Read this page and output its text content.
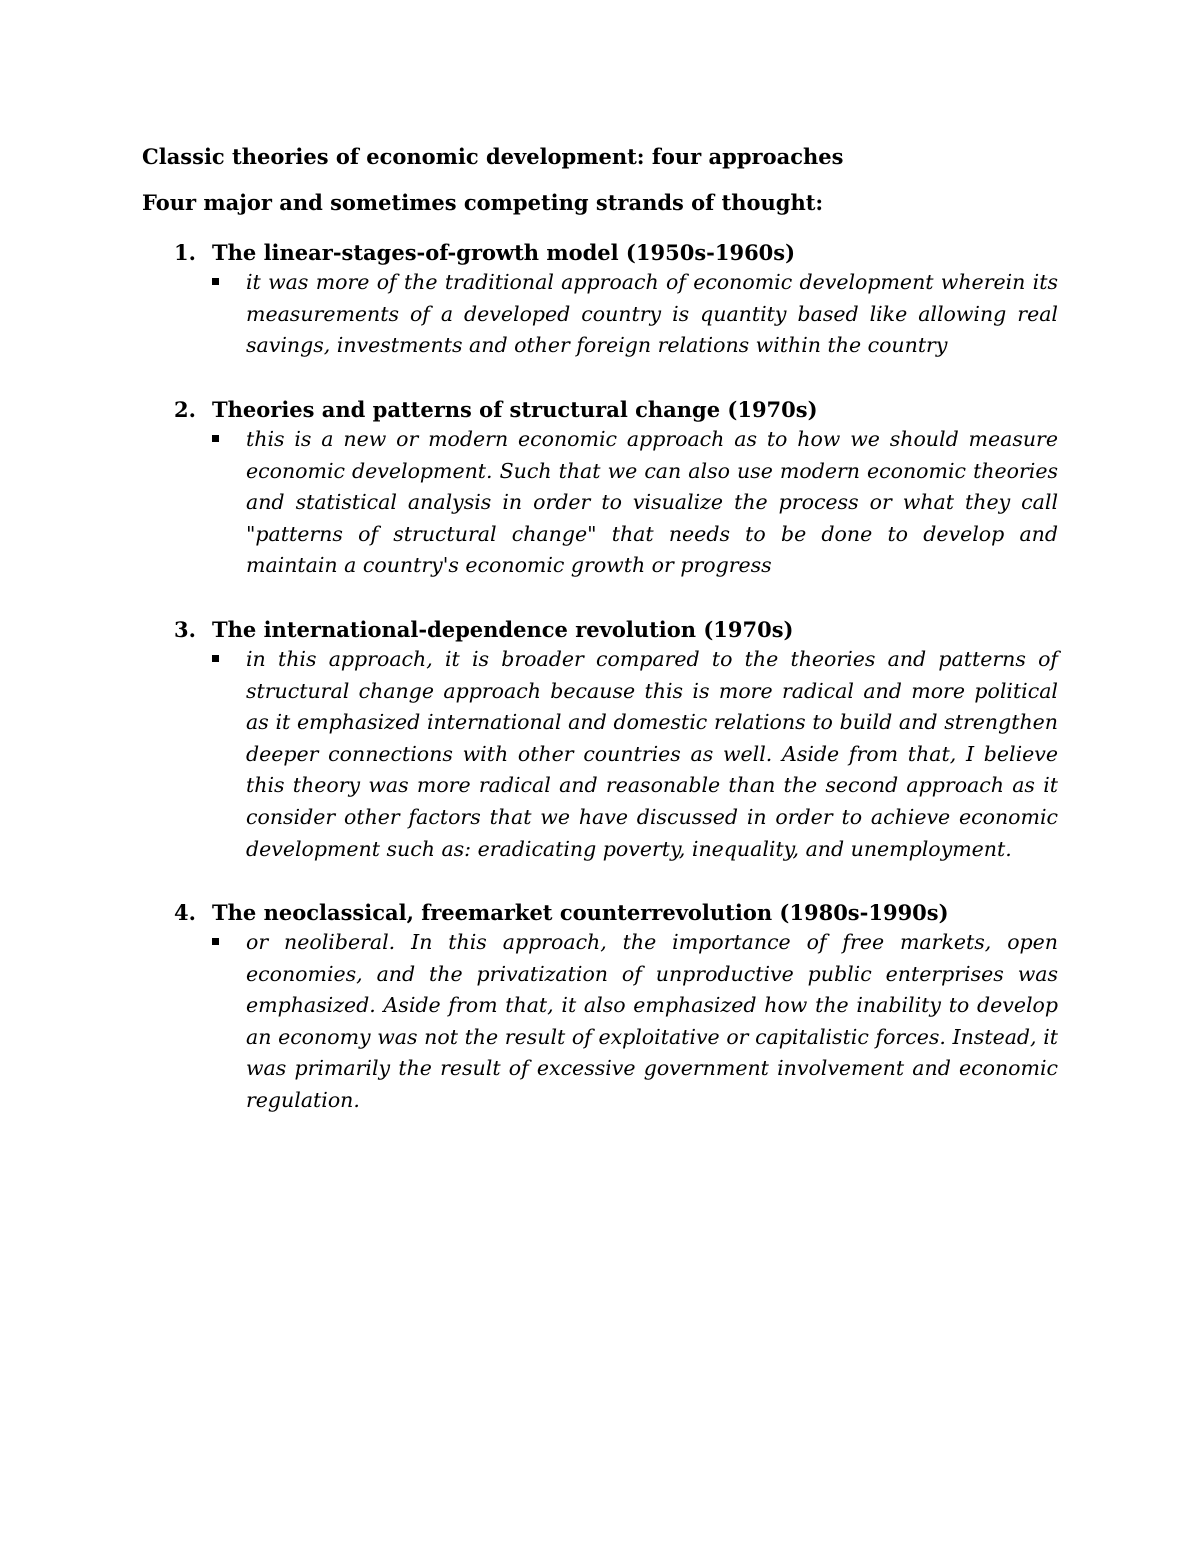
Classic theories of economic development: four approaches
Four major and sometimes competing strands of thought:
1. The linear-stages-of-growth model (1950s-1960s)
it was more of the traditional approach of economic development wherein its measurements of a developed country is quantity based like allowing real savings, investments and other foreign relations within the country
2. Theories and patterns of structural change (1970s)
this is a new or modern economic approach as to how we should measure economic development. Such that we can also use modern economic theories and statistical analysis in order to visualize the process or what they call "patterns of structural change" that needs to be done to develop and maintain a country's economic growth or progress
3. The international-dependence revolution (1970s)
in this approach, it is broader compared to the theories and patterns of structural change approach because this is more radical and more political as it emphasized international and domestic relations to build and strengthen deeper connections with other countries as well. Aside from that, I believe this theory was more radical and reasonable than the second approach as it consider other factors that we have discussed in order to achieve economic development such as: eradicating poverty, inequality, and unemployment.
4. The neoclassical, freemarket counterrevolution (1980s-1990s)
or neoliberal. In this approach, the importance of free markets, open economies, and the privatization of unproductive public enterprises was emphasized. Aside from that, it also emphasized how the inability to develop an economy was not the result of exploitative or capitalistic forces. Instead, it was primarily the result of excessive government involvement and economic regulation.
